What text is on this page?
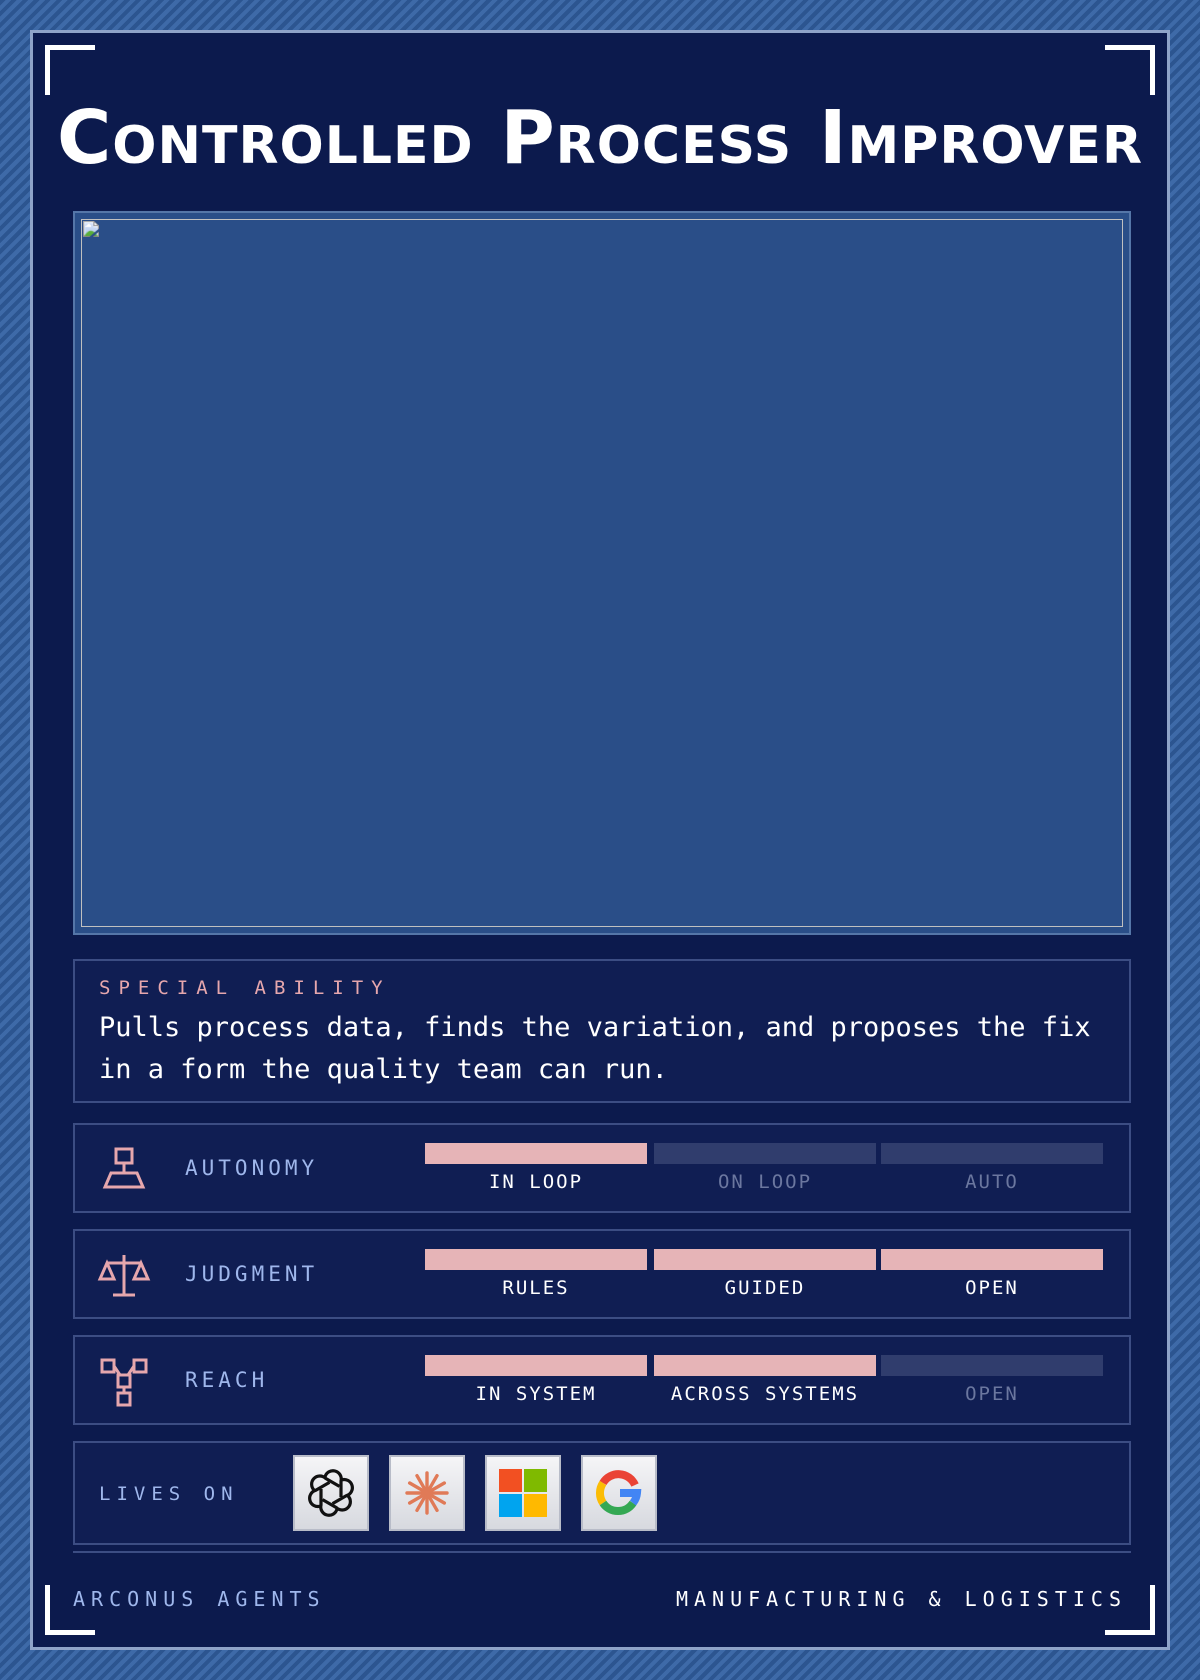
Controlled Process Improver
SPECIAL ABILITY
Pulls process data, finds the variation, and proposes the fix
in a form the quality team can run.
AUTONOMY
IN LOOP	ON LOOP	AUTO
JUDGMENT
RULES	GUIDED	OPEN
REACH
IN SYSTEM	ACROSS SYSTEMS	OPEN
LIVES ON
ARCONUS AGENTS	MANUFACTURING & LOGISTICS
